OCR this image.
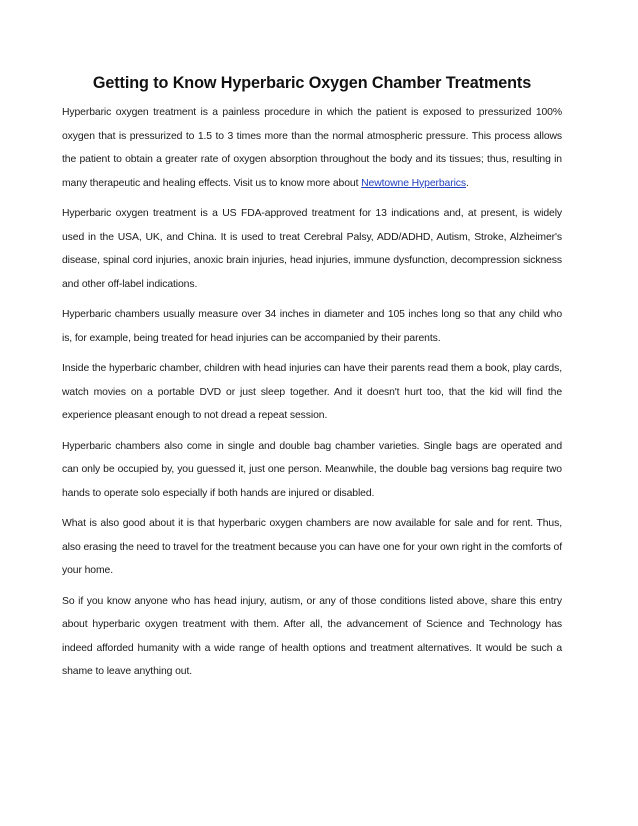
Getting to Know Hyperbaric Oxygen Chamber Treatments

Hyperbaric oxygen treatment is a painless procedure in which the patient is exposed to pressurized 100% oxygen that is pressurized to 1.5 to 3 times more than the normal atmospheric pressure. This process allows the patient to obtain a greater rate of oxygen absorption throughout the body and its tissues; thus, resulting in many therapeutic and healing effects. Visit us to know more about Newtowne Hyperbarics.

Hyperbaric oxygen treatment is a US FDA-approved treatment for 13 indications and, at present, is widely used in the USA, UK, and China. It is used to treat Cerebral Palsy, ADD/ADHD, Autism, Stroke, Alzheimer's disease, spinal cord injuries, anoxic brain injuries, head injuries, immune dysfunction, decompression sickness and other off-label indications.

Hyperbaric chambers usually measure over 34 inches in diameter and 105 inches long so that any child who is, for example, being treated for head injuries can be accompanied by their parents.

Inside the hyperbaric chamber, children with head injuries can have their parents read them a book, play cards, watch movies on a portable DVD or just sleep together. And it doesn't hurt too, that the kid will find the experience pleasant enough to not dread a repeat session.

Hyperbaric chambers also come in single and double bag chamber varieties. Single bags are operated and can only be occupied by, you guessed it, just one person. Meanwhile, the double bag versions bag require two hands to operate solo especially if both hands are injured or disabled.

What is also good about it is that hyperbaric oxygen chambers are now available for sale and for rent. Thus, also erasing the need to travel for the treatment because you can have one for your own right in the comforts of your home.

So if you know anyone who has head injury, autism, or any of those conditions listed above, share this entry about hyperbaric oxygen treatment with them. After all, the advancement of Science and Technology has indeed afforded humanity with a wide range of health options and treatment alternatives. It would be such a shame to leave anything out.
